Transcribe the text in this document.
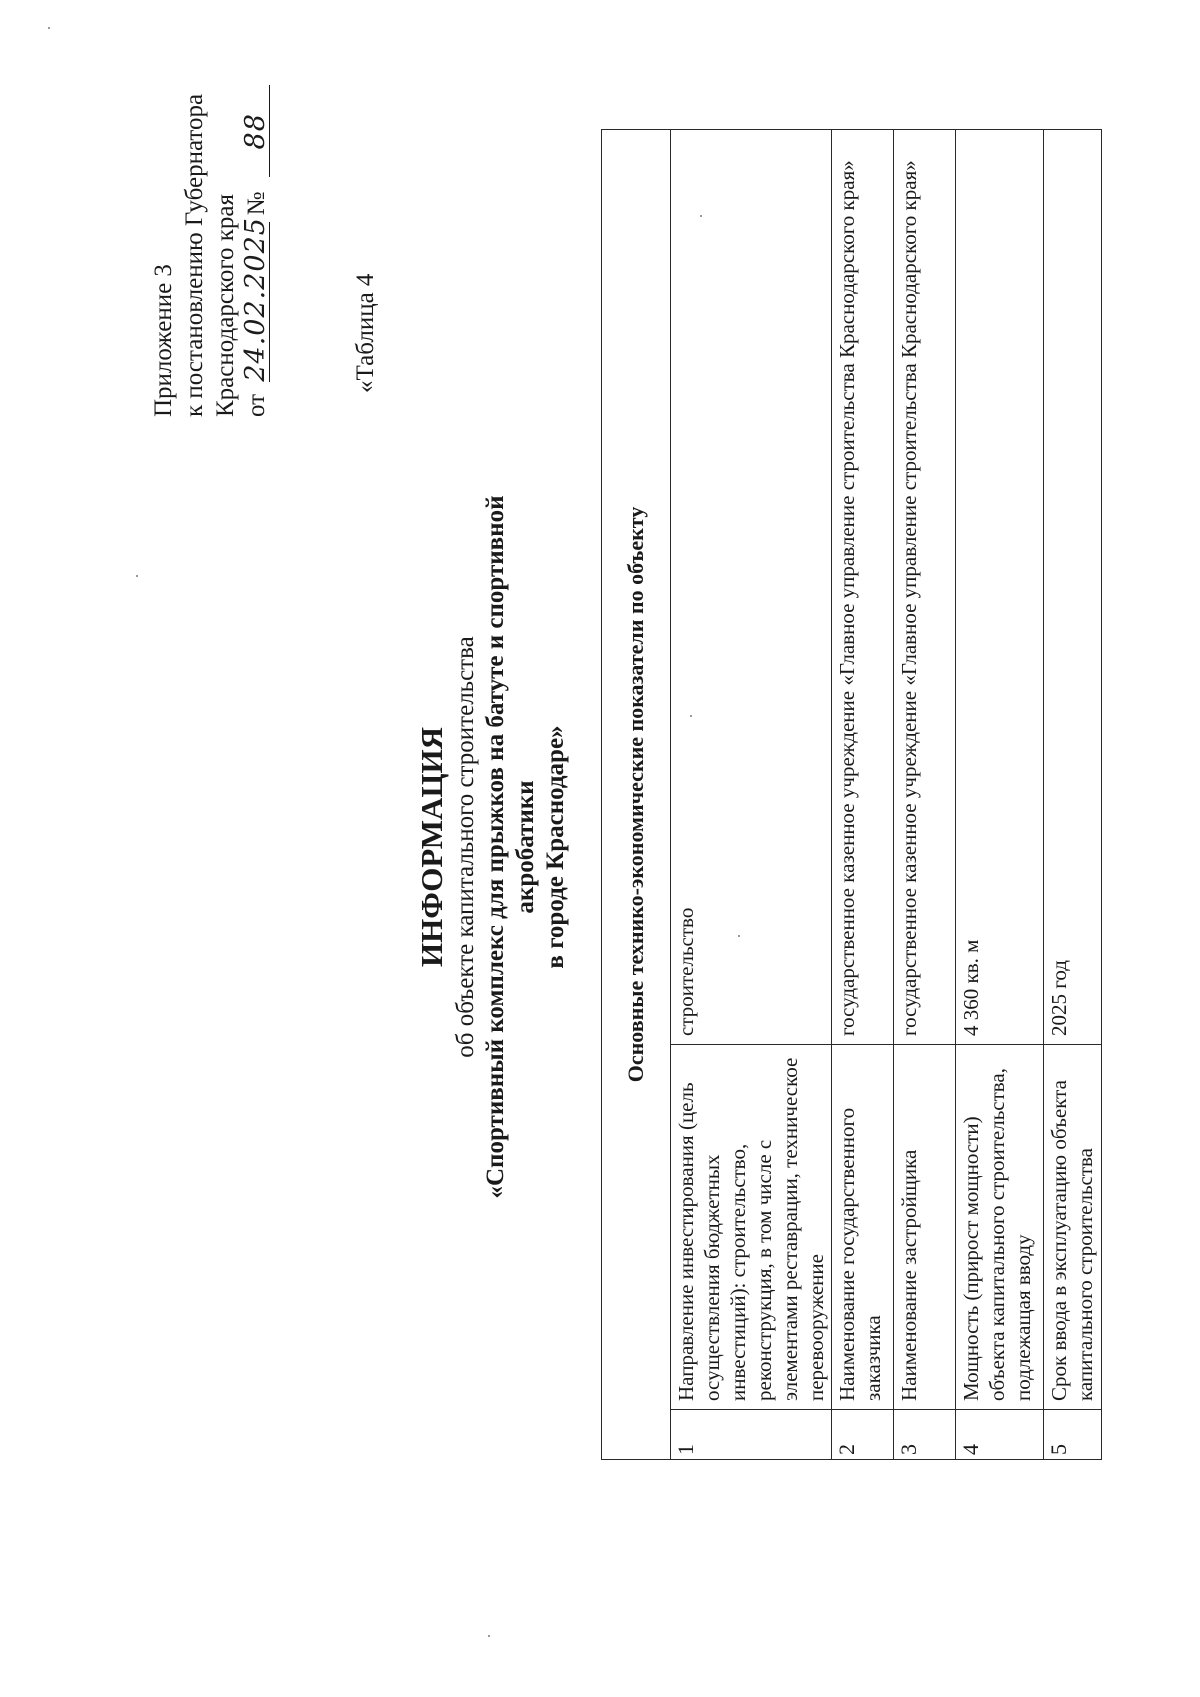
Приложение 3 к постановлению Губернатора Краснодарского края от 24.02.2025 № 88
«Таблица 4
ИНФОРМАЦИЯ об объекте капитального строительства «Спортивный комплекс для прыжков на батуте и спортивной акробатики в городе Краснодаре» Основные технико-экономические показатели по объекту		
1	Направление инвестирования (цель осуществления бюджетных инвестиций): строительство, реконструкция, в том числе с элементами реставрации, техническое перевооружение	строительство
2	Наименование государственного заказчика	государственное казенное учреждение «Главное управление строительства Краснодарского края»
3	Наименование застройщика	государственное казенное учреждение «Главное управление строительства Краснодарского края»
4	Мощность (прирост мощности) объекта капитального строительства, подлежащая вводу	4 360 кв. м
5	Срок ввода в эксплуатацию объекта капитального строительства	2025 год
